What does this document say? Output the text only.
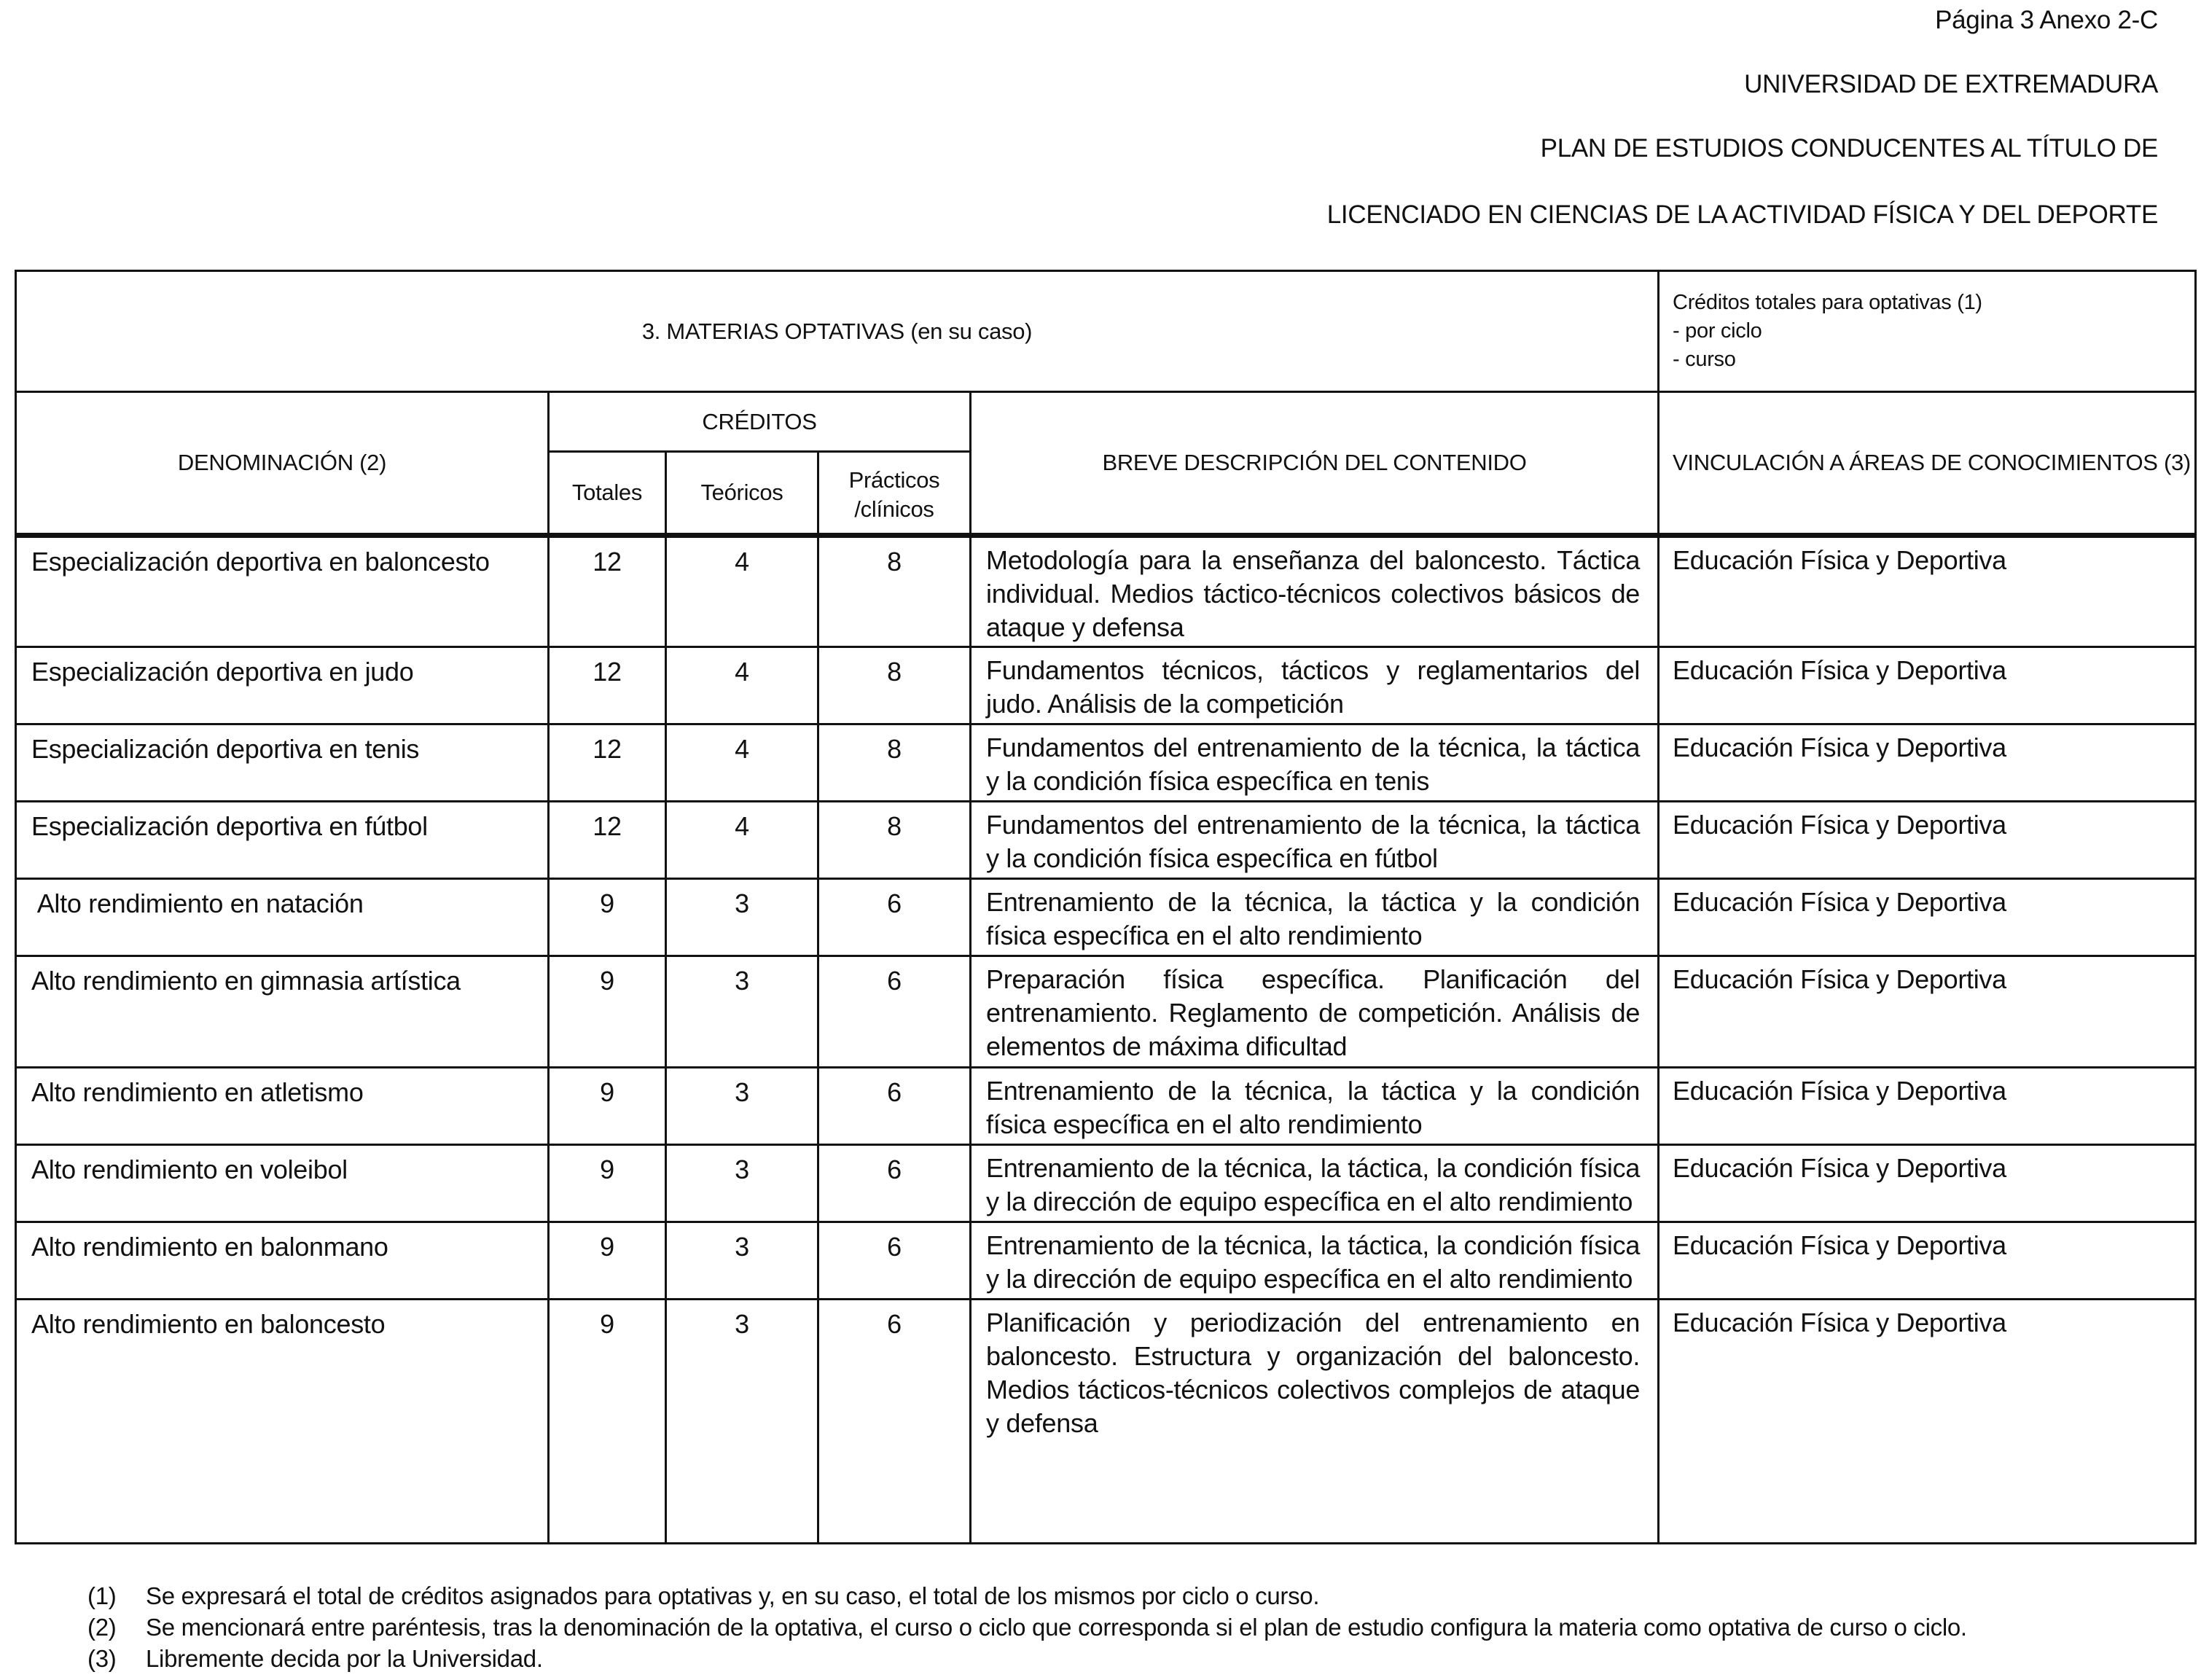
Página 3 Anexo 2-C
UNIVERSIDAD DE EXTREMADURA
PLAN DE ESTUDIOS CONDUCENTES AL TÍTULO DE
LICENCIADO EN CIENCIAS DE LA ACTIVIDAD FÍSICA Y DEL DEPORTE
3. MATERIAS OPTATIVAS (en su caso)					Créditos totales para optativas (1)
- por ciclo
- curso

DENOMINACIÓN (2)	CRÉDITOS			BREVE DESCRIPCIÓN DEL CONTENIDO	VINCULACIÓN A ÁREAS DE CONOCIMIENTOS (3)
	Totales	Teóricos	Prácticos
/clínicos		

Especialización deportiva en baloncesto	12	4	8	Metodología para la enseñanza del baloncesto. Táctica individual. Medios táctico-técnicos colectivos básicos de ataque y defensa	Educación Física y Deportiva
Especialización deportiva en judo	12	4	8	Fundamentos técnicos, tácticos y reglamentarios del judo. Análisis de la competición	Educación Física y Deportiva
Especialización deportiva en tenis	12	4	8	Fundamentos del entrenamiento de la técnica, la táctica y la condición física específica en tenis	Educación Física y Deportiva
Especialización deportiva en fútbol	12	4	8	Fundamentos del entrenamiento de la técnica, la táctica y la condición física específica en fútbol	Educación Física y Deportiva
Alto rendimiento en natación	9	3	6	Entrenamiento de la técnica, la táctica y la condición física específica en el alto rendimiento	Educación Física y Deportiva
Alto rendimiento en gimnasia artística	9	3	6	Preparación física específica. Planificación del entrenamiento. Reglamento de competición. Análisis de elementos de máxima dificultad	Educación Física y Deportiva
Alto rendimiento en atletismo	9	3	6	Entrenamiento de la técnica, la táctica y la condición física específica en el alto rendimiento	Educación Física y Deportiva
Alto rendimiento en voleibol	9	3	6	Entrenamiento de la técnica, la táctica, la condición física y la dirección de equipo específica en el alto rendimiento	Educación Física y Deportiva
Alto rendimiento en balonmano	9	3	6	Entrenamiento de la técnica, la táctica, la condición física y la dirección de equipo específica en el alto rendimiento	Educación Física y Deportiva
Alto rendimiento en baloncesto	9	3	6	Planificación y periodización del entrenamiento en baloncesto. Estructura y organización del baloncesto. Medios tácticos-técnicos colectivos complejos de ataque y defensa	Educación Física y Deportiva
(1) Se expresará el total de créditos asignados para optativas y, en su caso, el total de los mismos por ciclo o curso.
(2) Se mencionará entre paréntesis, tras la denominación de la optativa, el curso o ciclo que corresponda si el plan de estudio configura la materia como optativa de curso o ciclo.
(3) Libremente decida por la Universidad.
